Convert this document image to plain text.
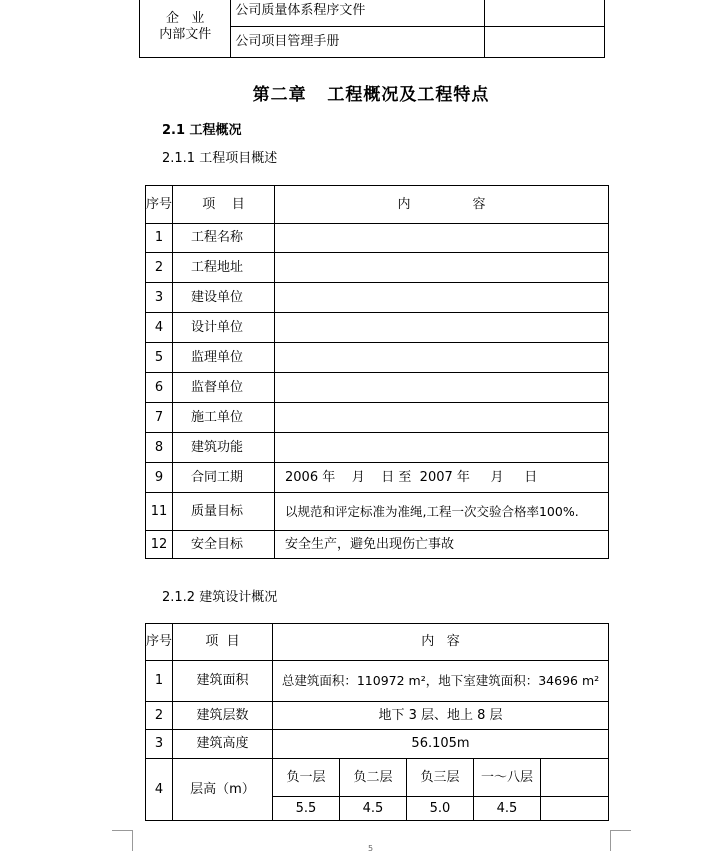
企   业
内部文件	公司质量体系程序文件	
	公司项目管理手册	
第二章   工程概况及工程特点
2.1 工程概况
2.1.1 工程项目概述
序号	项    目	内               容
1	工程名称	
2	工程地址	
3	建设单位	
4	设计单位	
5	监理单位	
6	监督单位	
7	施工单位	
8	建筑功能	
9	合同工期	2006 年    月    日 至  2007 年     月     日
11	质量目标	以规范和评定标准为准绳,工程一次交验合格率100%.
12	安全目标	安全生产，避免出现伤亡事故
2.1.2 建筑设计概况
序号	项  目	内   容				
1	建筑面积	总建筑面积：110972 m²，地下室建筑面积：34696 m²				
2	建筑层数	地下 3 层、地上 8 层				
3	建筑高度	56.105m				
4	层高（m）	负一层	负二层	负三层	一～八层	
		5.5	4.5	5.0	4.5	
5
